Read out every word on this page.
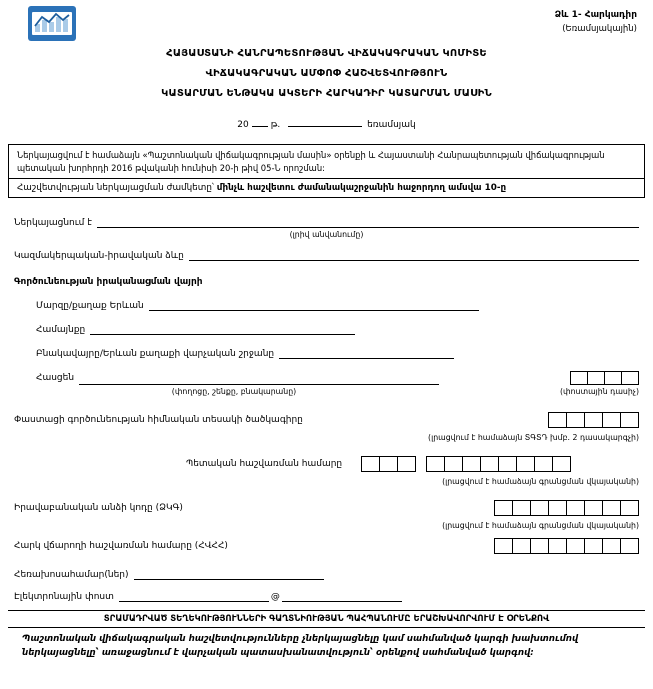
Ձև 1- Հարկադիր
(Եռամսյակային)
ՀԱՅԱՍՏԱՆԻ ՀԱՆՐԱՊԵՏՈՒԹՅԱՆ ՎԻՃԱԿԱԳՐԱԿԱՆ ԿՈՄԻՏԵ
ՎԻՃԱԿԱԳՐԱԿԱՆ ԱՄՓՈՓ ՀԱՇՎԵՏՎՈՒԹՅՈՒՆ
ԿԱՏԱՐՄԱՆ ԵՆԹԱԿԱ ԱԿՏԵՐԻ ՀԱՐԿԱԴԻՐ ԿԱՏԱՐՄԱՆ ՄԱՍԻՆ
20 թ.	եռամսյակ
Ներկայացվում է համաձայն «Պաշտոնական վիճակագրության մասին» օրենքի և Հայաստանի Հանրապետության վիճակագրության պետական խորհրդի 2016 թվականի հունիսի 20-ի թիվ 05-Ն որոշման:
Հաշվետվության ներկայացման ժամկետը՝ մինչև հաշվետու ժամանակաշրջանին հաջորդող ամսվա 10-ը
Ներկայացնում է
(լրիվ անվանումը)
Կազմակերպական-իրավական ձևը
Գործունեության իրականացման վայրի
Մարզը/քաղաք Երևան
Համայնքը
Բնակավայրը/Երևան քաղաքի վարչական շրջանը
Հասցեն
(փողոցը, շենքը, բնակարանը)	(փոստային դասիչ)
Փաստացի գործունեության հիմնական տեսակի ծածկագիրը
(լրացվում է համաձայն ՏԳՏԴ խմբ. 2 դասակարգչի)
Պետական հաշվառման համարը
(լրացվում է համաձայն գրանցման վկայականի)
Իրավաբանական անձի կոդը (ՁԿԳ)
(լրացվում է համաձայն գրանցման վկայականի)
Հարկ վճարողի հաշվառման համարը (ՀՎՀՀ)
Հեռախոսահամար(ներ)
Էլեկտրոնային փոստ	@
ՏՐԱՄԱԴՐՎԱԾ ՏԵՂԵԿՈՒԹՅՈՒՆՆԵՐԻ ԳԱՂՏՆԻՈՒԹՅԱՆ ՊԱՀՊԱՆՈՒՄԸ ԵՐԱՇԽԱՎՈՐՎՈՒՄ Է ՕՐԵՆՔՈՎ
Պաշտոնական վիճակագրական հաշվետվությունները չներկայացնելը կամ սահմանված կարգի խախտումով ներկայացնելը՝ առաջացնում է վարչական պատասխանատվություն՝ օրենքով սահմանված կարգով:
